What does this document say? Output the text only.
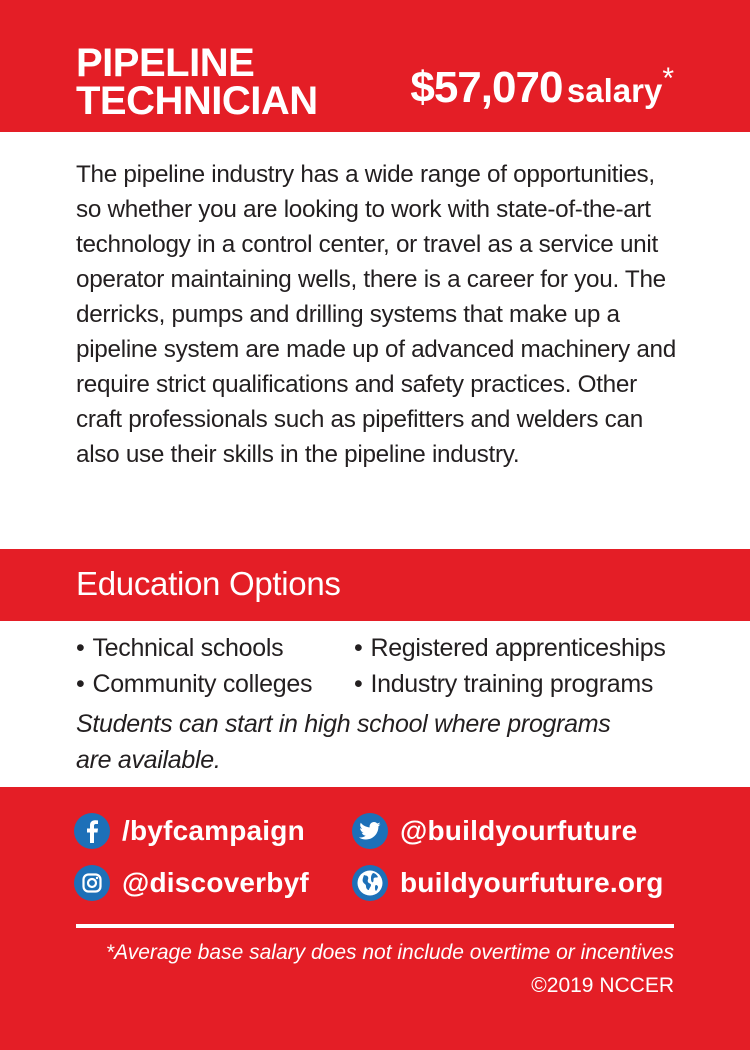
PIPELINE
TECHNICIAN	$57,070 salary*
The pipeline industry has a wide range of opportunities, so whether you are looking to work with state-of-the-art technology in a control center, or travel as a service unit operator maintaining wells, there is a career for you. The derricks, pumps and drilling systems that make up a pipeline system are made up of advanced machinery and require strict qualifications and safety practices. Other craft professionals such as pipefitters and welders can also use their skills in the pipeline industry.
Education Options
• Technical schools
• Community colleges
• Registered apprenticeships
• Industry training programs
Students can start in high school where programs
are available.
/byfcampaign	@buildyourfuture
@discoverbyf	buildyourfuture.org
*Average base salary does not include overtime or incentives
©2019 NCCER
